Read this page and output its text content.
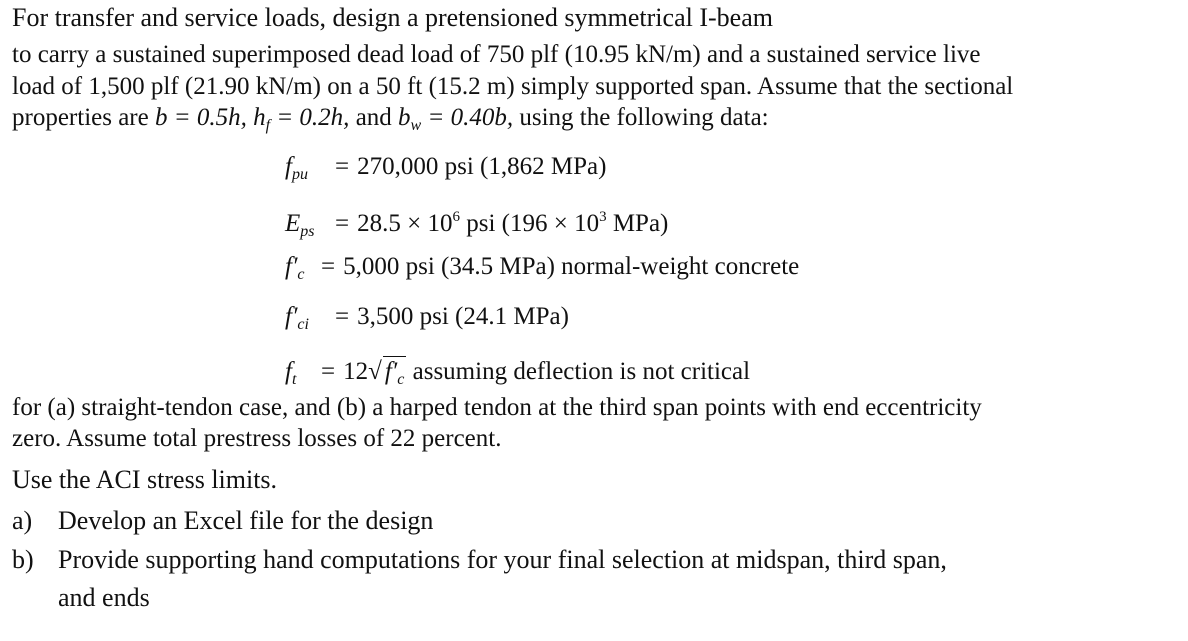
For transfer and service loads, design a pretensioned symmetrical I-beam
to carry a sustained superimposed dead load of 750 plf (10.95 kN/m) and a sustained service live
load of 1,500 plf (21.90 kN/m) on a 50 ft (15.2 m) simply supported span. Assume that the sectional
properties are b = 0.5h, $h_f = 0.2h$, and $b_w = 0.40b$, using the following data:
$f_{pu} = 270,000$ psi (1,862 MPa)
$E_{ps} = 28.5 \times 10^6$ psi ($196 \times 10^3$ MPa)
$f'_c = 5,000$ psi (34.5 MPa) normal-weight concrete
$f'_{ci} = 3,500$ psi (24.1 MPa)
$f_t = 12√$ $f'_c$ assuming deflection is not critical
for (a) straight-tendon case, and (b) a harped tendon at the third span points with end eccentricity
zero. Assume total prestress losses of 22 percent.
Use the ACI stress limits.
a) Develop an Excel file for the design
b) Provide supporting hand computations for your final selection at midspan, third span,
and ends
